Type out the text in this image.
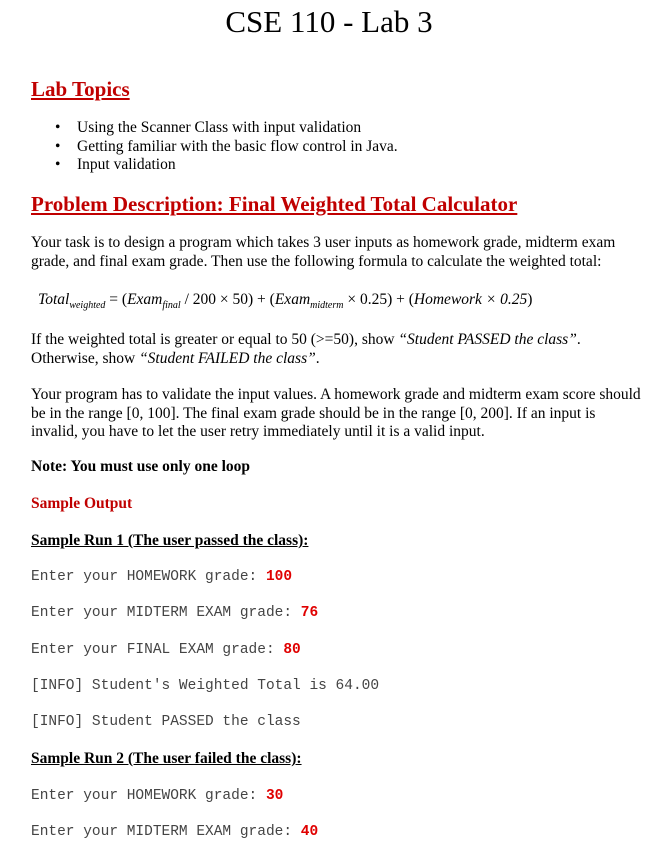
CSE 110 - Lab 3
Lab Topics
• Using the Scanner Class with input validation
• Getting familiar with the basic flow control in Java.
• Input validation
Problem Description: Final Weighted Total Calculator
Your task is to design a program which takes 3 user inputs as homework grade, midterm exam grade, and final exam grade. Then use the following formula to calculate the weighted total:
Total$_{weighted}$ = (Exam$_{final}$ / 200 × 50) + (Exam$_{midterm}$ × 0.25) + (Homework × 0.25)
If the weighted total is greater or equal to 50 (>=50), show “Student PASSED the class”.
Otherwise, show “Student FAILED the class”.
Your program has to validate the input values. A homework grade and midterm exam score should be in the range [0, 100]. The final exam grade should be in the range [0, 200]. If an input is invalid, you have to let the user retry immediately until it is a valid input.
Note: You must use only one loop
Sample Output
Sample Run 1 (The user passed the class):
Enter your HOMEWORK grade: 100
Enter your MIDTERM EXAM grade: 76
Enter your FINAL EXAM grade: 80
[INFO] Student's Weighted Total is 64.00
[INFO] Student PASSED the class
Sample Run 2 (The user failed the class):
Enter your HOMEWORK grade: 30
Enter your MIDTERM EXAM grade: 40
